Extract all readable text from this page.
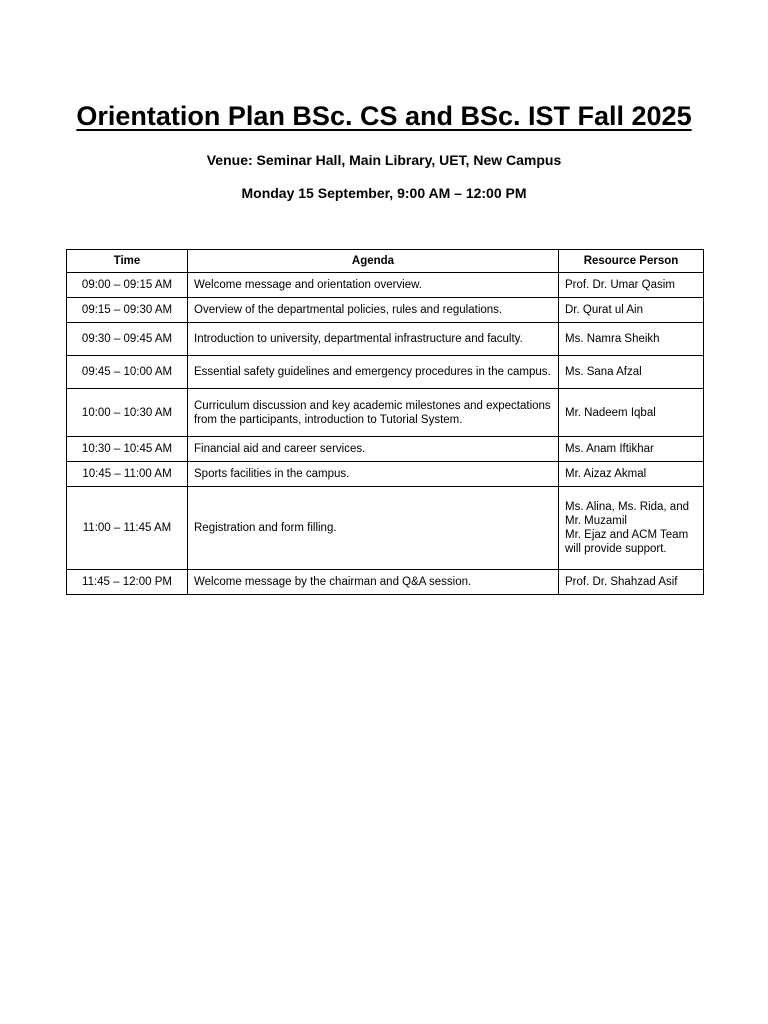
Orientation Plan BSc. CS and BSc. IST Fall 2025
Venue: Seminar Hall, Main Library, UET, New Campus
Monday 15 September, 9:00 AM – 12:00 PM
Time	Agenda	Resource Person
09:00 – 09:15 AM	Welcome message and orientation overview.	Prof. Dr. Umar Qasim
09:15 – 09:30 AM	Overview of the departmental policies, rules and regulations.	Dr. Qurat ul Ain
09:30 – 09:45 AM	Introduction to university, departmental infrastructure and faculty.	Ms. Namra Sheikh
09:45 – 10:00 AM	Essential safety guidelines and emergency procedures in the campus.	Ms. Sana Afzal
10:00 – 10:30 AM	Curriculum discussion and key academic milestones and expectations from the participants, introduction to Tutorial System.	Mr. Nadeem Iqbal
10:30 – 10:45 AM	Financial aid and career services.	Ms. Anam Iftikhar
10:45 – 11:00 AM	Sports facilities in the campus.	Mr. Aizaz Akmal
11:00 – 11:45 AM	Registration and form filling.	Ms. Alina, Ms. Rida, and Mr. Muzamil
Mr. Ejaz and ACM Team will provide support.

11:45 – 12:00 PM	Welcome message by the chairman and Q&A session.	Prof. Dr. Shahzad Asif
